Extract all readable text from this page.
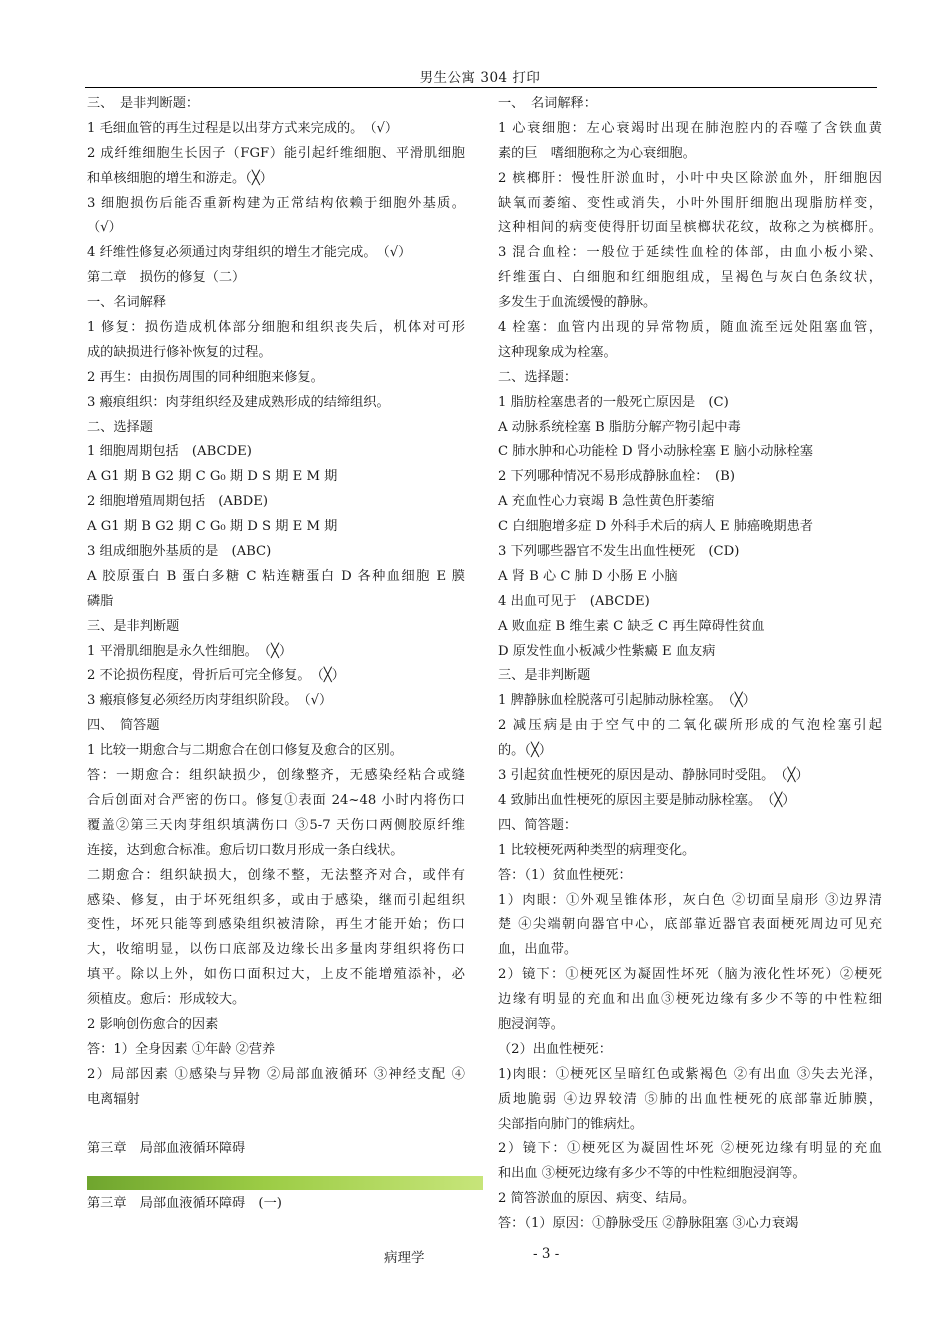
男生公寓 304 打印
三、　是非判断题：
1 毛细血管的再生过程是以出芽方式来完成的。　（√）
2 成纤维细胞生长因子（FGF）能引起纤维细胞、平滑肌细胞
和单核细胞的增生和游走。（╳）
3 细胞损伤后能否重新构建为正常结构依赖于细胞外基质。
（√）
4 纤维性修复必须通过肉芽组织的增生才能完成。　（√）
第二章　损伤的修复（二）
一、名词解释
1 修复：损伤造成机体部分细胞和组织丧失后，机体对可形
成的缺损进行修补恢复的过程。
2 再生：由损伤周围的同种细胞来修复。
3 瘢痕组织：肉芽组织经及建成熟形成的结缔组织。
二、选择题
1 细胞周期包括　(ABCDE)
A G1 期 B G2 期 C G₀ 期 D S 期 E M 期
2 细胞增殖周期包括　(ABDE)
A G1 期 B G2 期 C G₀ 期 D S 期 E M 期
3 组成细胞外基质的是　(ABC)
A 胶原蛋白 B 蛋白多糖 C 粘连糖蛋白 D 各种血细胞 E 膜
磷脂
三、是非判断题
1 平滑肌细胞是永久性细胞。　（╳）
2 不论损伤程度，骨折后可完全修复。　（╳）
3 瘢痕修复必须经历肉芽组织阶段。　（√）
四、　简答题
1 比较一期愈合与二期愈合在创口修复及愈合的区别。
答：一期愈合：组织缺损少，创缘整齐，无感染经粘合或缝
合后创面对合严密的伤口。修复①表面 24~48 小时内将伤口
覆盖②第三天肉芽组织填满伤口 ③5-7 天伤口两侧胶原纤维
连接，达到愈合标准。愈后切口数月形成一条白线状。
二期愈合：组织缺损大，创缘不整，无法整齐对合，或伴有
感染、修复，由于坏死组织多，或由于感染，继而引起组织
变性，坏死只能等到感染组织被清除，再生才能开始；伤口
大，收缩明显，以伤口底部及边缘长出多量肉芽组织将伤口
填平。除以上外，如伤口面积过大，上皮不能增殖添补，必
须植皮。愈后：形成较大。
2 影响创伤愈合的因素
答：1）全身因素 ①年龄 ②营养
2）局部因素 ①感染与异物 ②局部血液循环 ③神经支配 ④
电离辐射
第三章　局部血液循环障碍
第三章　局部血液循环障碍　(一)
一、　名词解释：
1 心衰细胞：左心衰竭时出现在肺泡腔内的吞噬了含铁血黄
素的巨　嗜细胞称之为心衰细胞。
2 槟榔肝：慢性肝淤血时，小叶中央区除淤血外，肝细胞因
缺氧而萎缩、变性或消失，小叶外围肝细胞出现脂肪样变，
这种相间的病变使得肝切面呈槟榔状花纹，故称之为槟榔肝。
3 混合血栓：一般位于延续性血栓的体部，由血小板小梁、
纤维蛋白、白细胞和红细胞组成，呈褐色与灰白色条纹状，
多发生于血流缓慢的静脉。
4 栓塞：血管内出现的异常物质，随血流至远处阻塞血管，
这种现象成为栓塞。
二、选择题：
1 脂肪栓塞患者的一般死亡原因是　(C)
A 动脉系统栓塞 B 脂肪分解产物引起中毒
C 肺水肿和心功能栓 D 肾小动脉栓塞 E 脑小动脉栓塞
2 下列哪种情况不易形成静脉血栓：　(B)
A 充血性心力衰竭 B 急性黄色肝萎缩
C 白细胞增多症 D 外科手术后的病人 E 肺癌晚期患者
3 下列哪些器官不发生出血性梗死　(CD)
A 肾 B 心 C 肺 D 小肠 E 小脑
4 出血可见于　(ABCDE)
A 败血症 B 维生素 C 缺乏 C 再生障碍性贫血
D 原发性血小板减少性紫癜 E 血友病
三、是非判断题
1 脾静脉血栓脱落可引起肺动脉栓塞。　（╳）
2 减压病是由于空气中的二氧化碳所形成的气泡栓塞引起
的。（╳）
3 引起贫血性梗死的原因是动、静脉同时受阻。　（╳）
4 致肺出血性梗死的原因主要是肺动脉栓塞。　（╳）
四、简答题：
1 比较梗死两种类型的病理变化。
答：（1）贫血性梗死：
1）肉眼：①外观呈锥体形，灰白色 ②切面呈扇形 ③边界清
楚 ④尖端朝向器官中心，底部靠近器官表面梗死周边可见充
血，出血带。
2）镜下：①梗死区为凝固性坏死（脑为液化性坏死）②梗死
边缘有明显的充血和出血③梗死边缘有多少不等的中性粒细
胞浸润等。
（2）出血性梗死：
1)肉眼：①梗死区呈暗红色或紫褐色 ②有出血 ③失去光泽，
质地脆弱 ④边界较清 ⑤肺的出血性梗死的底部靠近肺膜，
尖部指向肺门的锥病灶。
2）镜下：①梗死区为凝固性坏死 ②梗死边缘有明显的充血
和出血 ③梗死边缘有多少不等的中性粒细胞浸润等。
2 简答淤血的原因、病变、结局。
答：（1）原因：①静脉受压 ②静脉阻塞 ③心力衰竭
病理学	- 3 -
